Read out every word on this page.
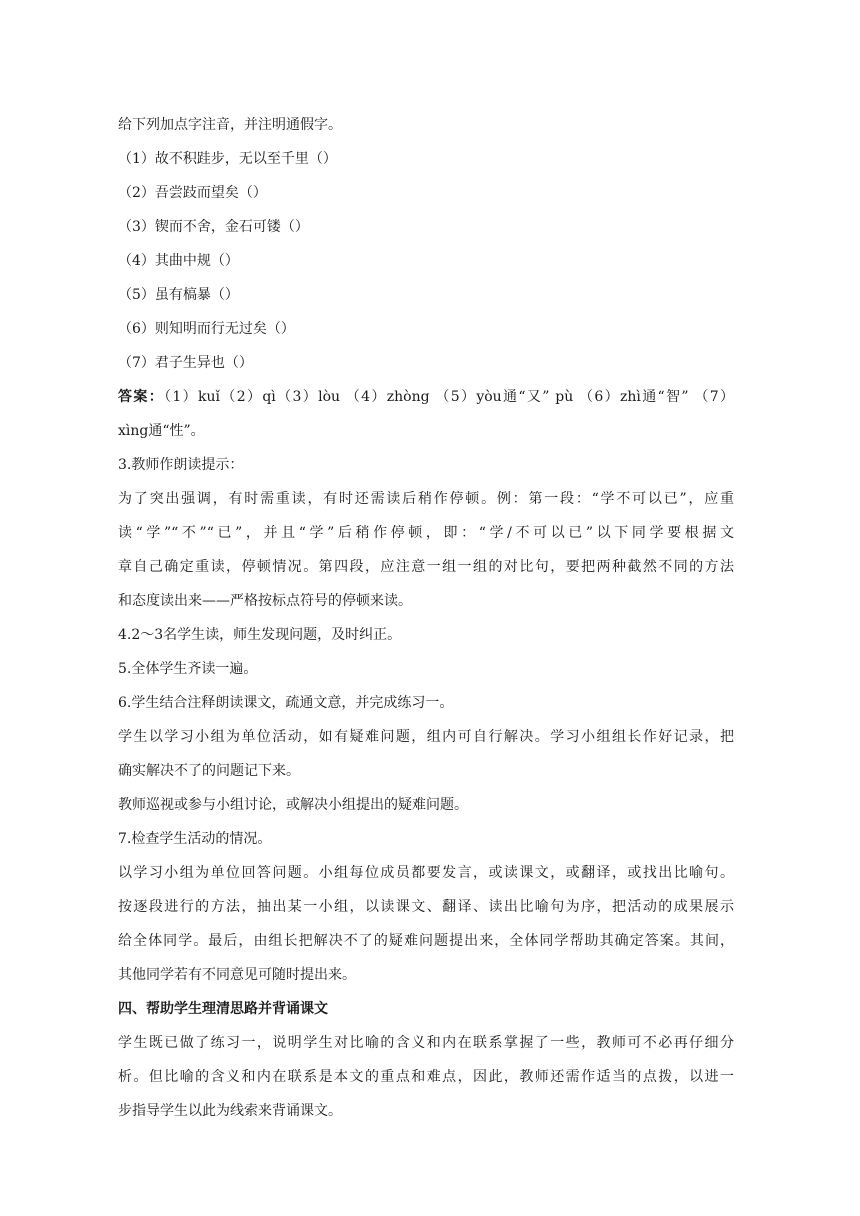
给下列加点字注音，并注明通假字。
（1）故不积跬步，无以至千里（）
（2）吾尝跂而望矣（）
（3）锲而不舍，金石可镂（）
（4）其曲中规（）
（5）虽有槁暴（）
（6）则知明而行无过矣（）
（7）君子生异也（）
答案：（1）kuǐ（2）qì（3）lòu （4）zhòng （5）yòu通“又” pù （6）zhì通“智” （7）
xìng通“性”。
3.教师作朗读提示：
为了突出强调，有时需重读，有时还需读后稍作停顿。例：第一段：“学不可以已”，应重
读“学”“不”“已”，并且“学”后稍作停顿，即：“学/不可以已”以下同学要根据文
章自己确定重读，停顿情况。第四段，应注意一组一组的对比句，要把两种截然不同的方法
和态度读出来——严格按标点符号的停顿来读。
4.2～3名学生读，师生发现问题，及时纠正。
5.全体学生齐读一遍。
6.学生结合注释朗读课文，疏通文意，并完成练习一。
学生以学习小组为单位活动，如有疑难问题，组内可自行解决。学习小组组长作好记录，把
确实解决不了的问题记下来。
教师巡视或参与小组讨论，或解决小组提出的疑难问题。
7.检查学生活动的情况。
以学习小组为单位回答问题。小组每位成员都要发言，或读课文，或翻译，或找出比喻句。
按逐段进行的方法，抽出某一小组，以读课文、翻译、读出比喻句为序，把活动的成果展示
给全体同学。最后，由组长把解决不了的疑难问题提出来，全体同学帮助其确定答案。其间，
其他同学若有不同意见可随时提出来。
四、帮助学生理清思路并背诵课文
学生既已做了练习一，说明学生对比喻的含义和内在联系掌握了一些，教师可不必再仔细分
析。但比喻的含义和内在联系是本文的重点和难点，因此，教师还需作适当的点拨，以进一
步指导学生以此为线索来背诵课文。
